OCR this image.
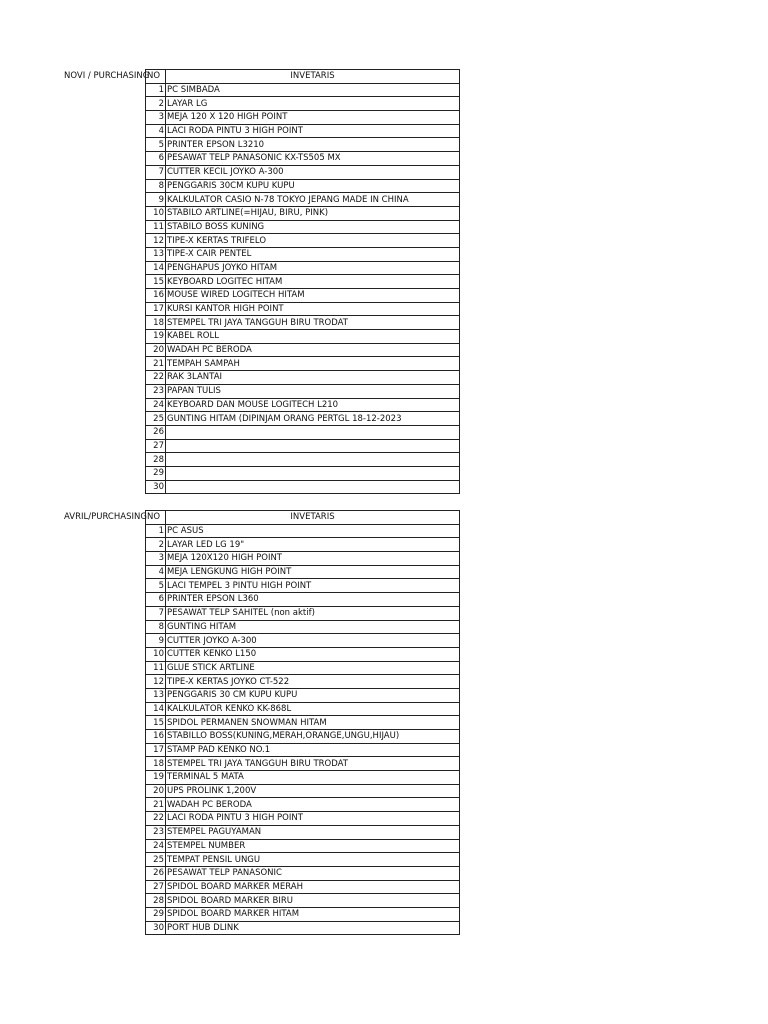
NOVI / PURCHASING
NO	INVETARIS
1	PC SIMBADA
2	LAYAR LG
3	MEJA 120 X 120 HIGH POINT
4	LACI RODA PINTU 3 HIGH POINT
5	PRINTER EPSON L3210
6	PESAWAT TELP PANASONIC KX-TS505 MX
7	CUTTER KECIL JOYKO A-300
8	PENGGARIS 30CM KUPU KUPU
9	KALKULATOR CASIO N-78 TOKYO JEPANG MADE IN CHINA
10	STABILO ARTLINE(=HIJAU, BIRU, PINK)
11	STABILO BOSS KUNING
12	TIPE-X KERTAS TRIFELO
13	TIPE-X CAIR PENTEL
14	PENGHAPUS JOYKO HITAM
15	KEYBOARD LOGITEC HITAM
16	MOUSE WIRED LOGITECH HITAM
17	KURSI KANTOR HIGH POINT
18	STEMPEL TRI JAYA TANGGUH BIRU TRODAT
19	KABEL ROLL
20	WADAH PC BERODA
21	TEMPAH SAMPAH
22	RAK 3LANTAI
23	PAPAN TULIS
24	KEYBOARD DAN MOUSE LOGITECH L210
25	GUNTING HITAM (DIPINJAM ORANG PERTGL 18-12-2023
26	
27	
28	
29	
30	
AVRIL/PURCHASING NO	INVETARIS
1	PC ASUS
2	LAYAR LED LG 19"
3	MEJA 120X120 HIGH POINT
4	MEJA LENGKUNG HIGH POINT
5	LACI TEMPEL 3 PINTU HIGH POINT
6	PRINTER EPSON L360
7	PESAWAT TELP SAHITEL (non aktif)
8	GUNTING HITAM
9	CUTTER JOYKO A-300
10	CUTTER KENKO L150
11	GLUE STICK ARTLINE
12	TIPE-X KERTAS JOYKO CT-522
13	PENGGARIS 30 CM KUPU KUPU
14	KALKULATOR KENKO KK-868L
15	SPIDOL PERMANEN SNOWMAN HITAM
16	STABILLO BOSS(KUNING,MERAH,ORANGE,UNGU,HIJAU)
17	STAMP PAD KENKO NO.1
18	STEMPEL TRI JAYA TANGGUH BIRU TRODAT
19	TERMINAL 5 MATA
20	UPS PROLINK 1,200V
21	WADAH PC BERODA
22	LACI RODA PINTU 3 HIGH POINT
23	STEMPEL PAGUYAMAN
24	STEMPEL NUMBER
25	TEMPAT PENSIL UNGU
26	PESAWAT TELP PANASONIC
27	SPIDOL BOARD MARKER MERAH
28	SPIDOL BOARD MARKER BIRU
29	SPIDOL BOARD MARKER HITAM
30	PORT HUB DLINK
